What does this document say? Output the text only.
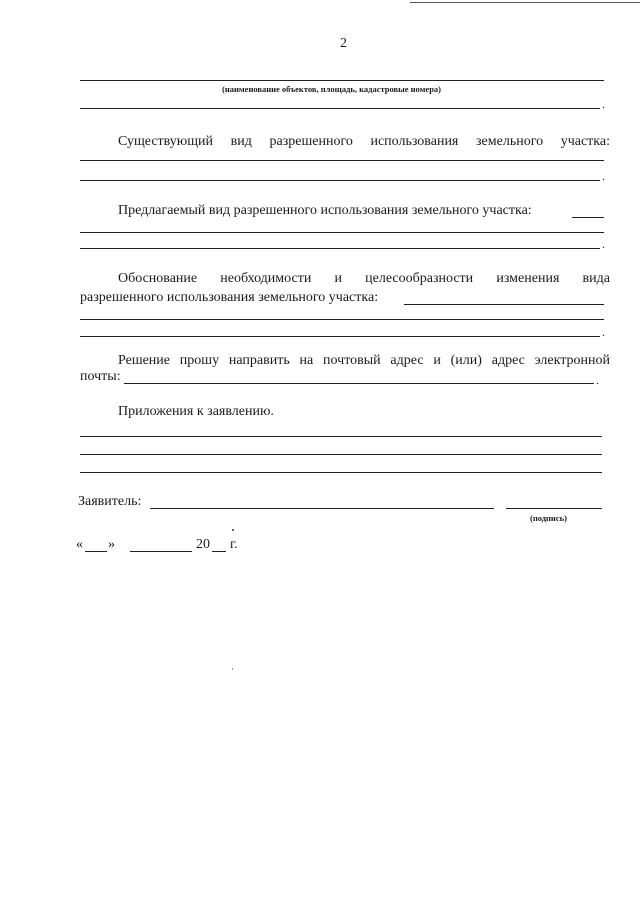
2
(наименование объектов, площадь, кадастровые номера)
.
Существующий вид разрешенного использования земельного участка:
.
Предлагаемый вид разрешенного использования земельного участка:
.
Обоснование необходимости и целесообразности изменения вида
разрешенного использования земельного участка:
.
Решение прошу направить на почтовый адрес и (или) адрес электронной
почты:	.
Приложения к заявлению.
Заявитель:
(подпись)
« »	20 г.
